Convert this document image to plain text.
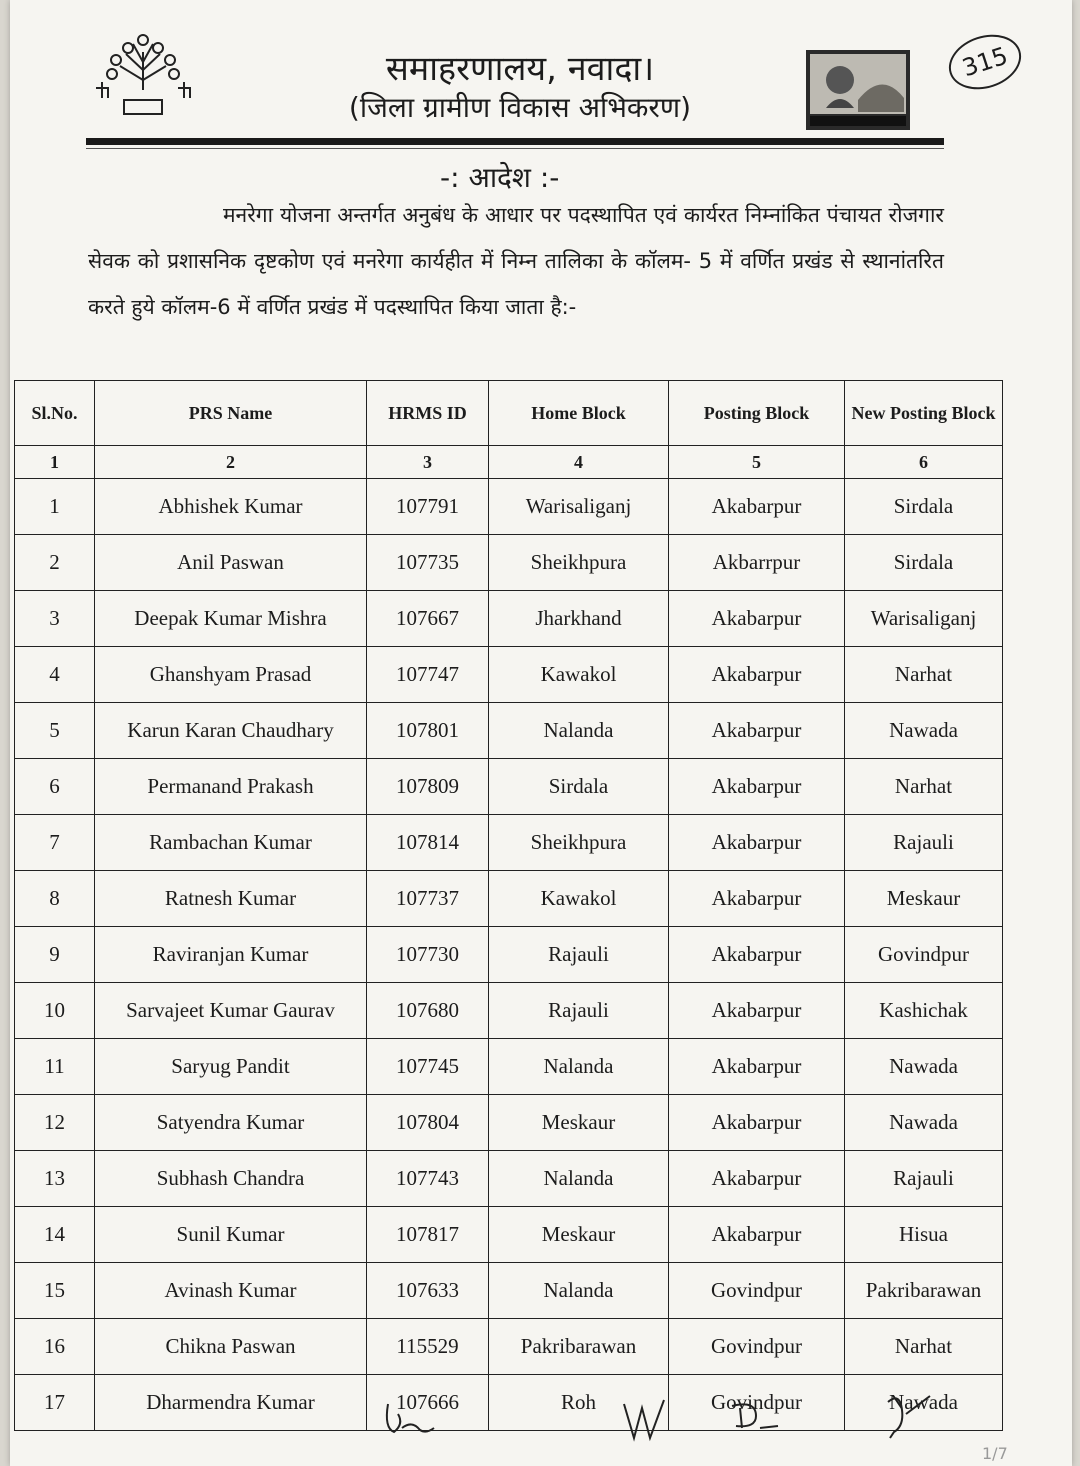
समाहरणालय, नवादा।
(जिला ग्रामीण विकास अभिकरण)
315
-: आदेश :-
मनरेगा योजना अन्तर्गत अनुबंध के आधार पर पदस्थापित एवं कार्यरत निम्नांकित पंचायत रोजगार सेवक को प्रशासनिक दृष्टकोण एवं मनरेगा कार्यहीत में निम्न तालिका के कॉलम- 5 में वर्णित प्रखंड से स्थानांतरित करते हुये कॉलम-6 में वर्णित प्रखंड में पदस्थापित किया जाता है:-
Sl.No.	PRS Name	HRMS ID	Home Block	Posting Block	New Posting Block
1	2	3	4	5	6
1	Abhishek Kumar	107791	Warisaliganj	Akabarpur	Sirdala
2	Anil Paswan	107735	Sheikhpura	Akbarrpur	Sirdala
3	Deepak Kumar Mishra	107667	Jharkhand	Akabarpur	Warisaliganj
4	Ghanshyam Prasad	107747	Kawakol	Akabarpur	Narhat
5	Karun Karan Chaudhary	107801	Nalanda	Akabarpur	Nawada
6	Permanand Prakash	107809	Sirdala	Akabarpur	Narhat
7	Rambachan Kumar	107814	Sheikhpura	Akabarpur	Rajauli
8	Ratnesh Kumar	107737	Kawakol	Akabarpur	Meskaur
9	Raviranjan Kumar	107730	Rajauli	Akabarpur	Govindpur
10	Sarvajeet Kumar Gaurav	107680	Rajauli	Akabarpur	Kashichak
11	Saryug Pandit	107745	Nalanda	Akabarpur	Nawada
12	Satyendra Kumar	107804	Meskaur	Akabarpur	Nawada
13	Subhash Chandra	107743	Nalanda	Akabarpur	Rajauli
14	Sunil Kumar	107817	Meskaur	Akabarpur	Hisua
15	Avinash Kumar	107633	Nalanda	Govindpur	Pakribarawan
16	Chikna Paswan	115529	Pakribarawan	Govindpur	Narhat
17	Dharmendra Kumar	107666	Roh	Govindpur	Nawada
1/7
